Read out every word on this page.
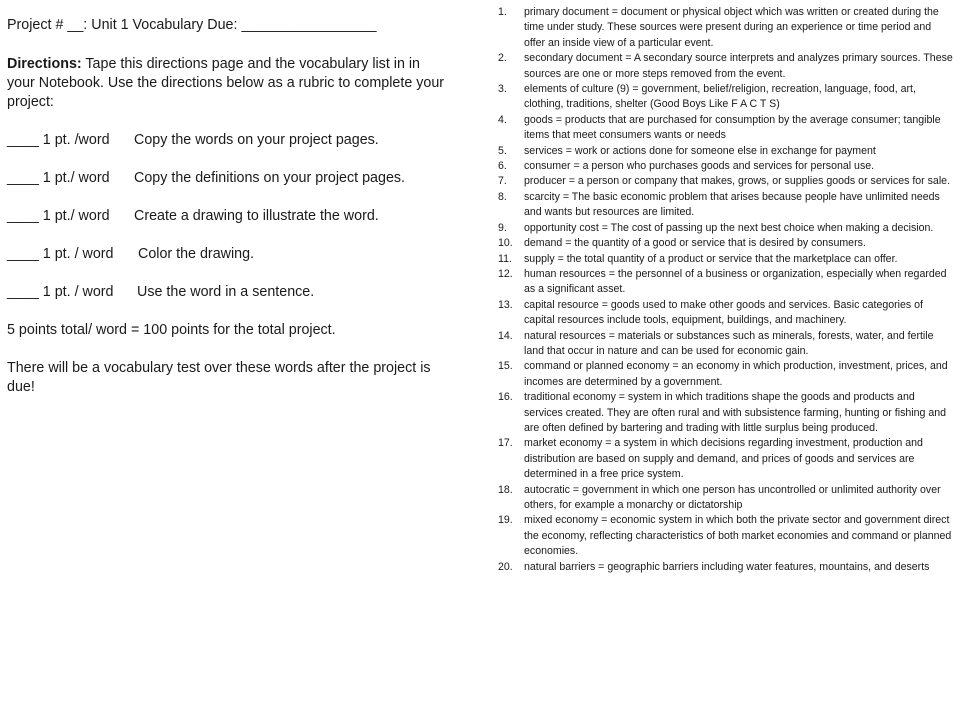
Project # __: Unit 1 Vocabulary Due: _________________
Directions: Tape this directions page and the vocabulary list in in your Notebook. Use the directions below as a rubric to complete your project:
____ 1 pt. /word Copy the words on your project pages.
____ 1 pt./ word Copy the definitions on your project pages.
____ 1 pt./ word Create a drawing to illustrate the word.
____ 1 pt. / word Color the drawing.
____ 1 pt. / word Use the word in a sentence.
5 points total/ word = 100 points for the total project.
There will be a vocabulary test over these words after the project is due!
1.	primary document = document or physical object which was written or created during the time under study. These sources were present during an experience or time period and offer an inside view of a particular event.
2.	secondary document = A secondary source interprets and analyzes primary sources. These sources are one or more steps removed from the event.
3.	elements of culture (9) = government, belief/religion, recreation, language, food, art, clothing, traditions, shelter (Good Boys Like F A C T S)
4.	goods = products that are purchased for consumption by the average consumer; tangible items that meet consumers wants or needs
5.	services = work or actions done for someone else in exchange for payment
6.	consumer = a person who purchases goods and services for personal use.
7.	producer = a person or company that makes, grows, or supplies goods or services for sale.
8.	scarcity = The basic economic problem that arises because people have unlimited needs and wants but resources are limited.
9.	opportunity cost = The cost of passing up the next best choice when making a decision.
10.	demand = the quantity of a good or service that is desired by consumers.
11.	supply = the total quantity of a product or service that the marketplace can offer.
12.	human resources = the personnel of a business or organization, especially when regarded as a significant asset.
13.	capital resource = goods used to make other goods and services. Basic categories of capital resources include tools, equipment, buildings, and machinery.
14.	natural resources = materials or substances such as minerals, forests, water, and fertile land that occur in nature and can be used for economic gain.
15.	command or planned economy = an economy in which production, investment, prices, and incomes are determined by a government.
16.	traditional economy = system in which traditions shape the goods and products and services created. They are often rural and with subsistence farming, hunting or fishing and are often defined by bartering and trading with little surplus being produced.
17.	market economy = a system in which decisions regarding investment, production and distribution are based on supply and demand, and prices of goods and services are determined in a free price system.
18.	autocratic = government in which one person has uncontrolled or unlimited authority over others, for example a monarchy or dictatorship
19.	mixed economy = economic system in which both the private sector and government direct the economy, reflecting characteristics of both market economies and command or planned economies.
20.	natural barriers = geographic barriers including water features, mountains, and deserts
